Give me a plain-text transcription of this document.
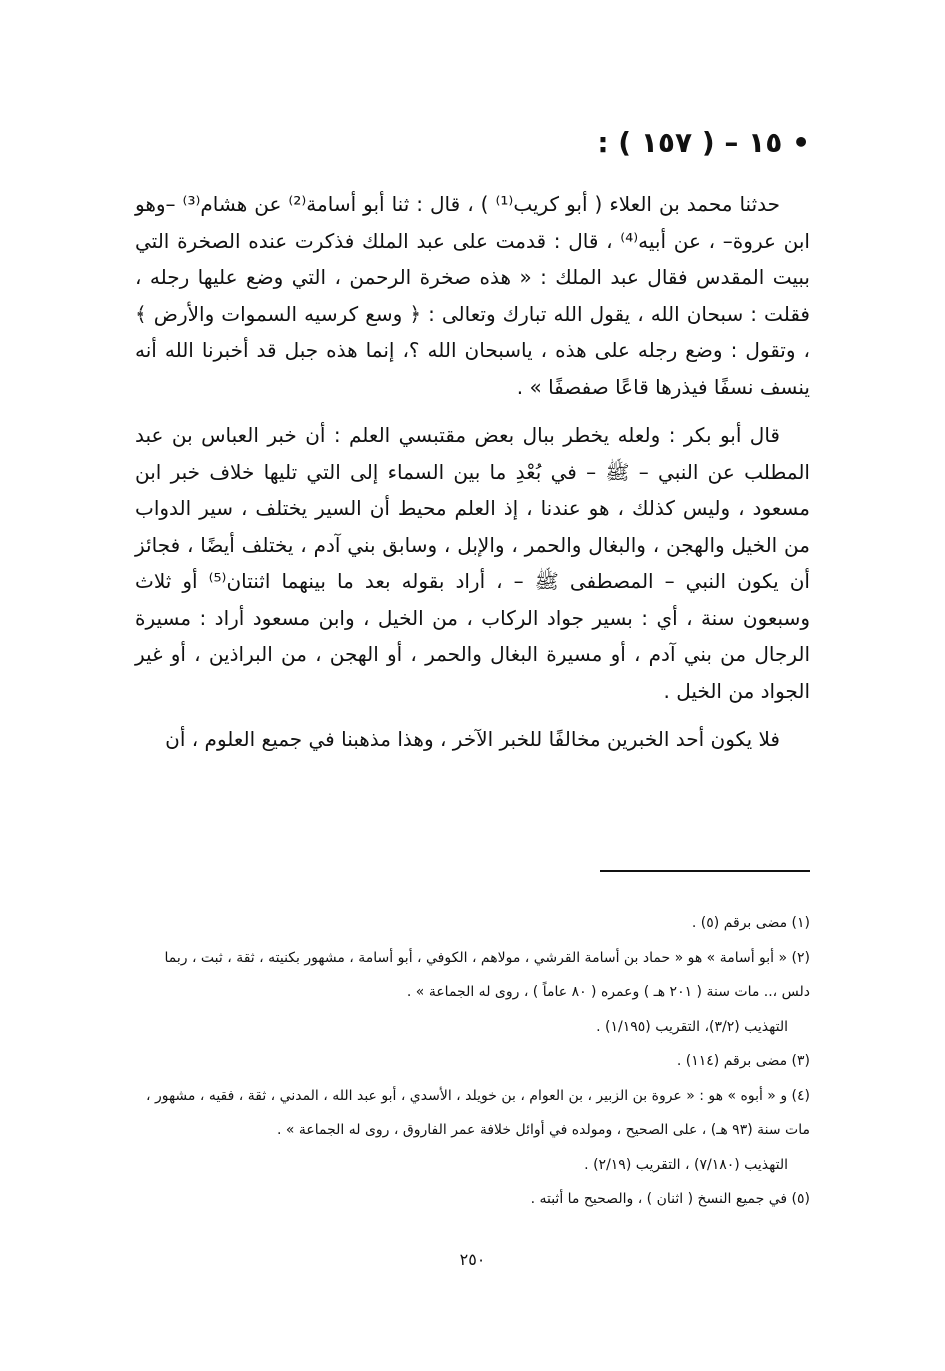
• ١٥ – ( ١٥٧ ) :

حدثنا محمد بن العلاء ( أبو كريب⁽¹⁾ ) ، قال : ثنا أبو أسامة⁽²⁾ عن هشام⁽³⁾ –وهو ابن عروة– ، عن أبيه⁽⁴⁾ ، قال : قدمت على عبد الملك فذكرت عنده الصخرة التي ببيت المقدس فقال عبد الملك : « هذه صخرة الرحمن ، التي وضع عليها رجله ، فقلت : سبحان الله ، يقول الله تبارك وتعالى : ﴿ وسع كرسيه السموات والأرض ﴾ ، وتقول : وضع رجله على هذه ، ياسبحان الله ؟، إنما هذه جبل قد أخبرنا الله أنه ينسف نسفًا فيذرها قاعًا صفصفًا » .

قال أبو بكر : ولعله يخطر ببال بعض مقتبسي العلم : أن خبر العباس بن عبد المطلب عن النبي – ﷺ – في بُعْدِ ما بين السماء إلى التي تليها خلاف خبر ابن مسعود ، وليس كذلك ، هو عندنا ، إذ العلم محيط أن السير يختلف ، سير الدواب من الخيل والهجن ، والبغال والحمر ، والإبل ، وسابق بني آدم ، يختلف أيضًا ، فجائز أن يكون النبي – المصطفى ﷺ – ، أراد بقوله بعد ما بينهما اثنتان⁽⁵⁾ أو ثلاث وسبعون سنة ، أي : بسير جواد الركاب ، من الخيل ، وابن مسعود أراد : مسيرة الرجال من بني آدم ، أو مسيرة البغال والحمر ، أو الهجن ، من البراذين ، أو غير الجواد من الخيل .

فلا يكون أحد الخبرين مخالفًا للخبر الآخر ، وهذا مذهبنا في جميع العلوم ، أن

(١) مضى برقم (٥) .
(٢) « أبو أسامة » هو « حماد بن أسامة القرشي ، مولاهم ، الكوفي ، أبو أسامة ، مشهور بكنيته ، ثقة ، ثبت ، ربما دلس ،.. مات سنة ( ٢٠١ هـ ) وعمره ( ٨٠ عاماً ) ، روى له الجماعة » .
التهذيب (٣/٢)، التقريب (١/١٩٥) .
(٣) مضى برقم (١١٤) .
(٤) و « أبوه » هو : « عروة بن الزبير ، بن العوام ، بن خويلد ، الأسدي ، أبو عبد الله ، المدني ، ثقة ، فقيه ، مشهور ، مات سنة (٩٣ هـ) ، على الصحيح ، ومولده في أوائل خلافة عمر الفاروق ، روى له الجماعة » .
التهذيب (٧/١٨٠) ، التقريب (٢/١٩) .
(٥) في جميع النسخ ( اثنان ) ، والصحيح ما أثبته .
٢٥٠
